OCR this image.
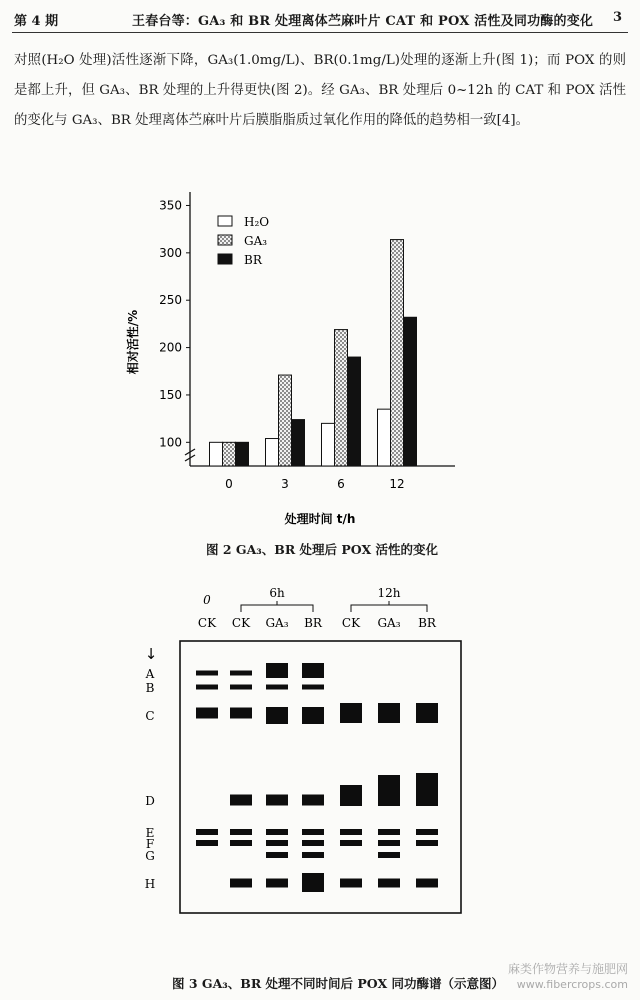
第 4 期	王春台等：GA₃ 和 BR 处理离体苎麻叶片 CAT 和 POX 活性及同功酶的变化 3

对照(H₂O 处理)活性逐渐下降，GA₃(1.0mg/L)、BR(0.1mg/L)处理的逐渐上升(图 1)；而 POX 的则是都上升，但 GA₃、BR 处理的上升得更快(图 2)。经 GA₃、BR 处理后 0~12h 的 CAT 和 POX 活性的变化与 GA₃、BR 处理离体苎麻叶片后膜脂脂质过氧化作用的降低的趋势相一致[4]。

100
150
200
250
300
350
0	3	6	12
相对活性/%
处理时间 t/h
H₂O
GA₃
BR
图 2 GA₃、BR 处理后 POX 活性的变化
0	6h	12h
CK CK GA₃ BR CK GA₃ BR
↓
A
B
C
D
E
F
G
H
图 3 GA₃、BR 处理不同时间后 POX 同功酶谱（示意图）
麻类作物营养与施肥网
www.fibercrops.com
